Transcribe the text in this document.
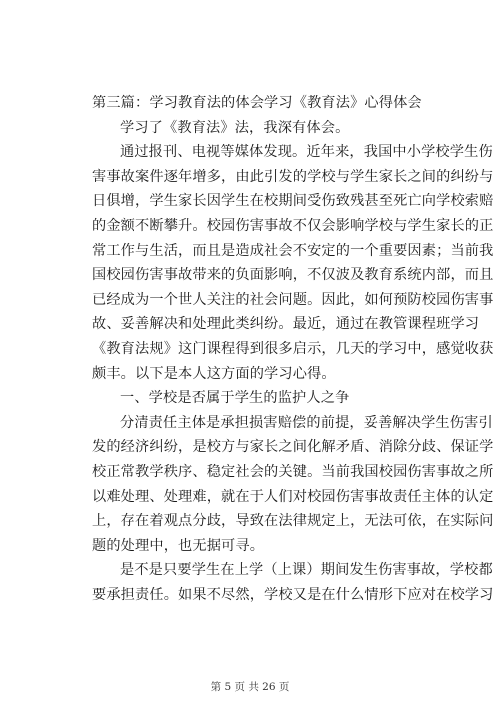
第三篇：学习教育法的体会学习《教育法》心得体会
学习了《教育法》法，我深有体会。
通过报刊、电视等媒体发现。近年来，我国中小学校学生伤
害事故案件逐年增多，由此引发的学校与学生家长之间的纠纷与
日俱增，学生家长因学生在校期间受伤致残甚至死亡向学校索赔
的金额不断攀升。校园伤害事故不仅会影响学校与学生家长的正
常工作与生活，而且是造成社会不安定的一个重要因素；当前我
国校园伤害事故带来的负面影响，不仅波及教育系统内部，而且
已经成为一个世人关注的社会问题。因此，如何预防校园伤害事
故、妥善解决和处理此类纠纷。最近，通过在教管课程班学习
《教育法规》这门课程得到很多启示，几天的学习中，感觉收获
颇丰。以下是本人这方面的学习心得。
一、学校是否属于学生的监护人之争
分清责任主体是承担损害赔偿的前提，妥善解决学生伤害引
发的经济纠纷，是校方与家长之间化解矛盾、消除分歧、保证学
校正常教学秩序、稳定社会的关键。当前我国校园伤害事故之所
以难处理、处理难，就在于人们对校园伤害事故责任主体的认定
上，存在着观点分歧，导致在法律规定上，无法可依，在实际问
题的处理中，也无据可寻。
是不是只要学生在上学（上课）期间发生伤害事故，学校都
要承担责任。如果不尽然，学校又是在什么情形下应对在校学习
第 5 页 共 26 页
